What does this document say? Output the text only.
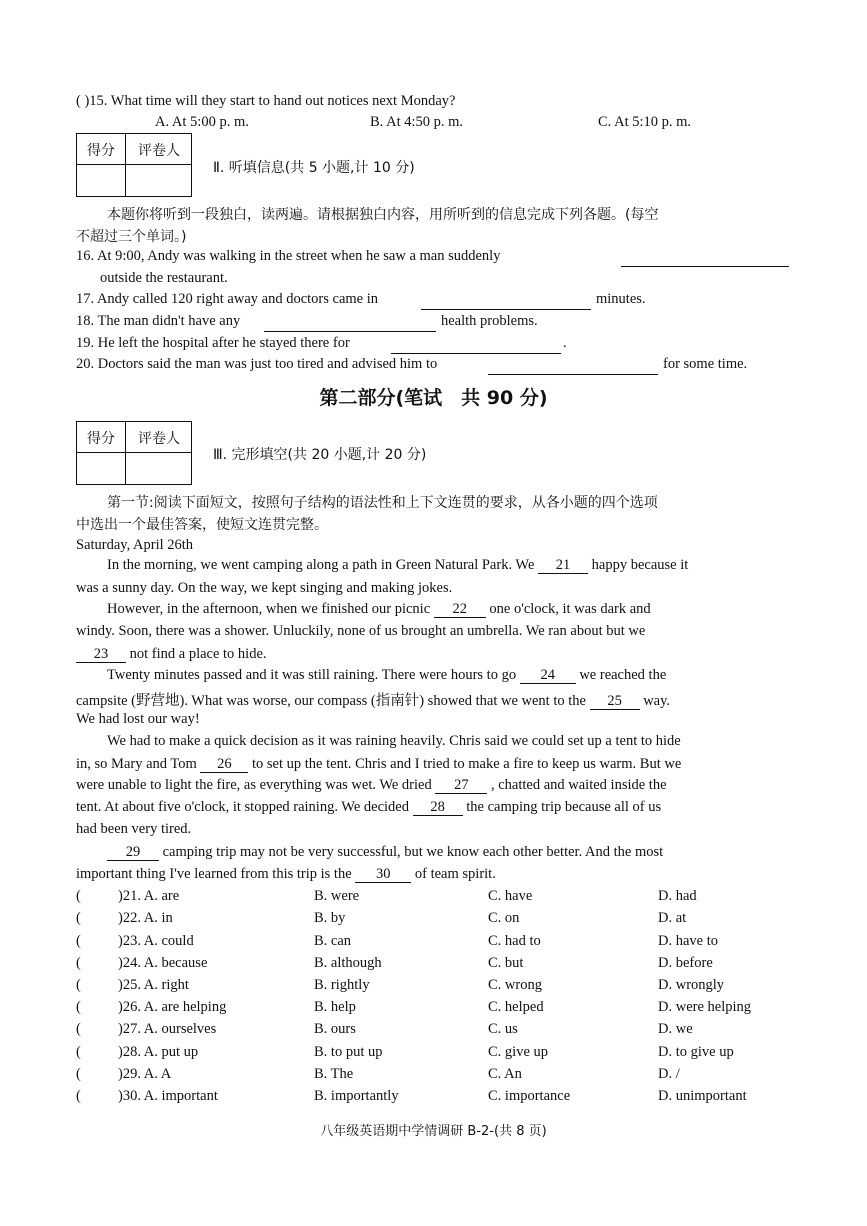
( )15. What time will they start to hand out notices next Monday?
A. At 5:00 p. m.	B. At 4:50 p. m.	C. At 5:10 p. m.
得分	评卷人
Ⅱ. 听填信息(共 5 小题,计 10 分)
本题你将听到一段独白，读两遍。请根据独白内容，用所听到的信息完成下列各题。(每空
不超过三个单词。)
16. At 9:00, Andy was walking in the street when he saw a man suddenly
outside the restaurant.
17. Andy called 120 right away and doctors came in	minutes.
18. The man didn't have any	health problems.
19. He left the hospital after he stayed there for	.
20. Doctors said the man was just too tired and advised him to	for some time.
第二部分(笔试　共 90 分)
得分	评卷人
Ⅲ. 完形填空(共 20 小题,计 20 分)
第一节:阅读下面短文，按照句子结构的语法性和上下文连贯的要求，从各小题的四个选项
中选出一个最佳答案，使短文连贯完整。
Saturday, April 26th
In the morning, we went camping along a path in Green Natural Park. We 21 happy because it
was a sunny day. On the way, we kept singing and making jokes.
However, in the afternoon, when we finished our picnic 22 one o'clock, it was dark and
windy. Soon, there was a shower. Unluckily, none of us brought an umbrella. We ran about but we
23 not find a place to hide.
Twenty minutes passed and it was still raining. There were hours to go 24 we reached the
campsite (野营地). What was worse, our compass (指南针) showed that we went to the 25 way.
We had lost our way!
We had to make a quick decision as it was raining heavily. Chris said we could set up a tent to hide
in, so Mary and Tom 26 to set up the tent. Chris and I tried to make a fire to keep us warm. But we
were unable to light the fire, as everything was wet. We dried 27 , chatted and waited inside the
tent. At about five o'clock, it stopped raining. We decided 28 the camping trip because all of us
had been very tired.
29 camping trip may not be very successful, but we know each other better. And the most
important thing I've learned from this trip is the 30 of team spirit.
(	)21. A. are	B. were	C. have	D. had
(	)22. A. in	B. by	C. on	D. at
(	)23. A. could	B. can	C. had to	D. have to
(	)24. A. because	B. although	C. but	D. before
(	)25. A. right	B. rightly	C. wrong	D. wrongly
(	)26. A. are helping	B. help	C. helped	D. were helping
(	)27. A. ourselves	B. ours	C. us	D. we
(	)28. A. put up	B. to put up	C. give up	D. to give up
(	)29. A. A	B. The	C. An	D. /
(	)30. A. important	B. importantly	C. importance	D. unimportant
八年级英语期中学情调研 B-2-(共 8 页)
